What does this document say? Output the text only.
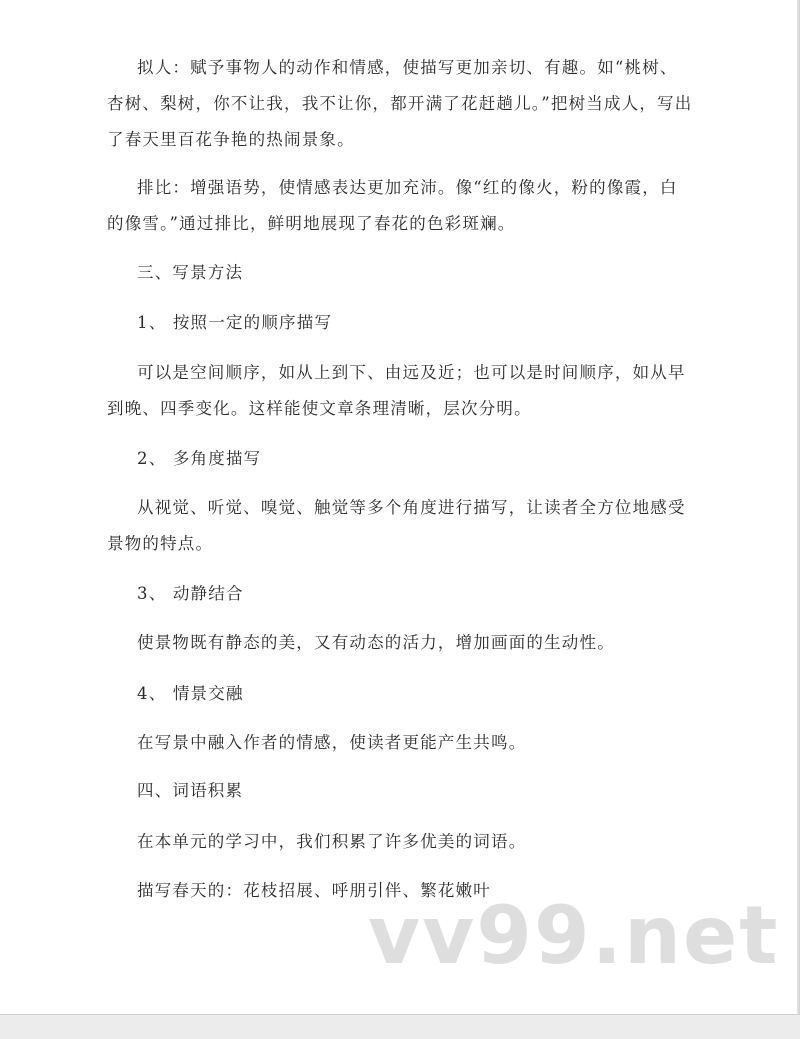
拟人：赋予事物人的动作和情感，使描写更加亲切、有趣。如“桃树、杏树、梨树，你不让我，我不让你，都开满了花赶趟儿。”把树当成人，写出了春天里百花争艳的热闹景象。

排比：增强语势，使情感表达更加充沛。像“红的像火，粉的像霞，白的像雪。”通过排比，鲜明地展现了春花的色彩斑斓。

三、写景方法

1、 按照一定的顺序描写

可以是空间顺序，如从上到下、由远及近；也可以是时间顺序，如从早到晚、四季变化。这样能使文章条理清晰，层次分明。

2、 多角度描写

从视觉、听觉、嗅觉、触觉等多个角度进行描写，让读者全方位地感受景物的特点。

3、 动静结合

使景物既有静态的美，又有动态的活力，增加画面的生动性。

4、 情景交融

在写景中融入作者的情感，使读者更能产生共鸣。

四、词语积累

在本单元的学习中，我们积累了许多优美的词语。

描写春天的：花枝招展、呼朋引伴、繁花嫩叶

vv99.net
